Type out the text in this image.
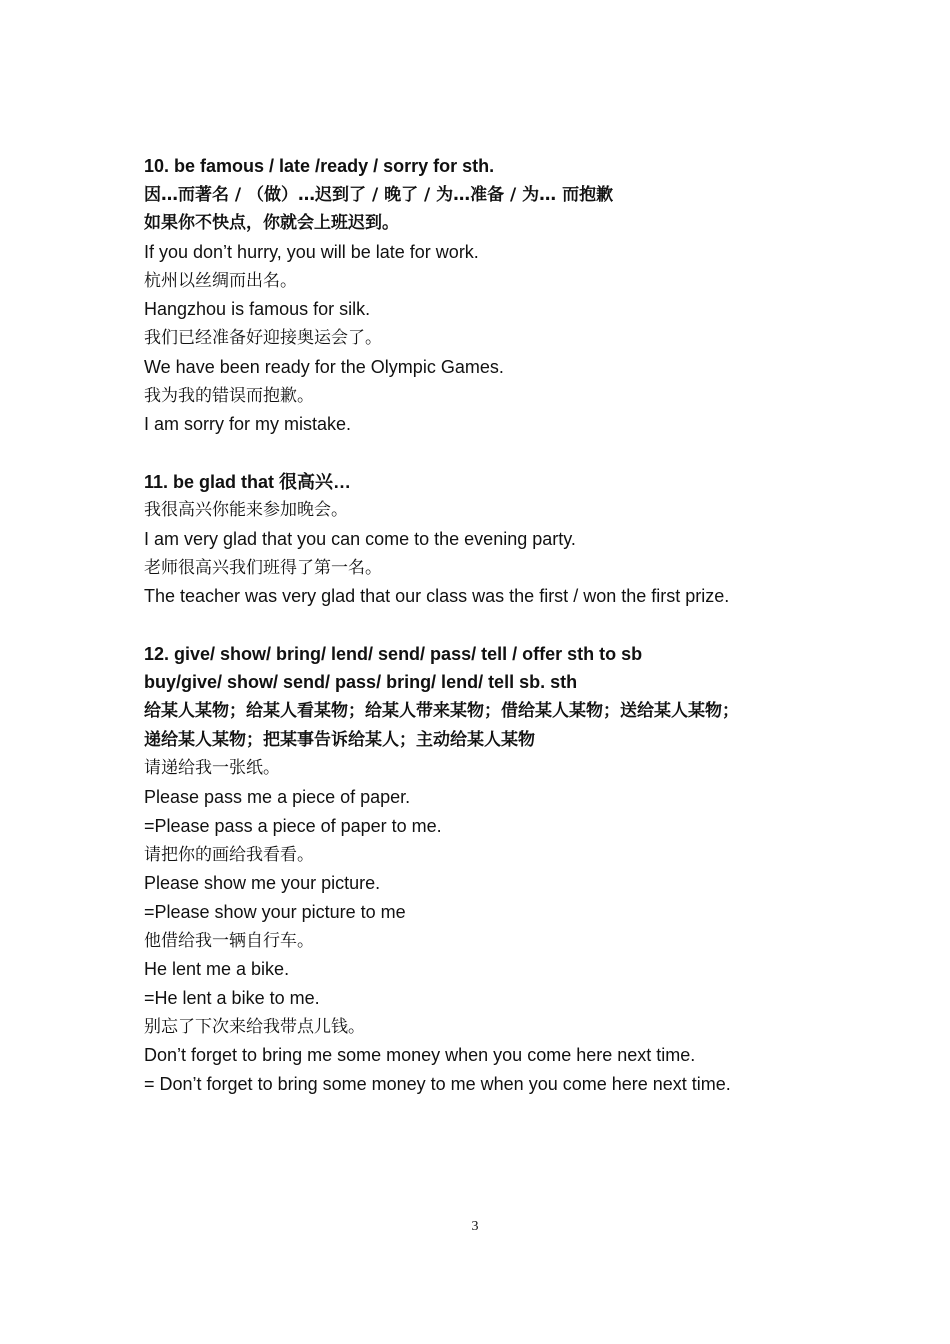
10. be famous / late /ready / sorry for sth.
因…而著名 / （做）…迟到了 / 晚了 / 为…准备 / 为… 而抱歉
如果你不快点，你就会上班迟到。
If you don’t hurry, you will be late for work.
杭州以丝绸而出名。
Hangzhou is famous for silk.
我们已经准备好迎接奥运会了。
We have been ready for the Olympic Games.
我为我的错误而抱歉。
I am sorry for my mistake.
11. be glad that 很高兴…
我很高兴你能来参加晚会。
I am very glad that you can come to the evening party.
老师很高兴我们班得了第一名。
The teacher was very glad that our class was the first / won the first prize.
12. give/ show/ bring/ lend/ send/ pass/ tell / offer sth to sb
buy/give/ show/ send/ pass/ bring/ lend/ tell sb. sth
给某人某物；给某人看某物；给某人带来某物；借给某人某物；送给某人某物；
递给某人某物；把某事告诉给某人；主动给某人某物
请递给我一张纸。
Please pass me a piece of paper.
=Please pass a piece of paper to me.
请把你的画给我看看。
Please show me your picture.
=Please show your picture to me
他借给我一辆自行车。
He lent me a bike.
=He lent a bike to me.
别忘了下次来给我带点儿钱。
Don’t forget to bring me some money when you come here next time.
= Don’t forget to bring some money to me when you come here next time.
3
